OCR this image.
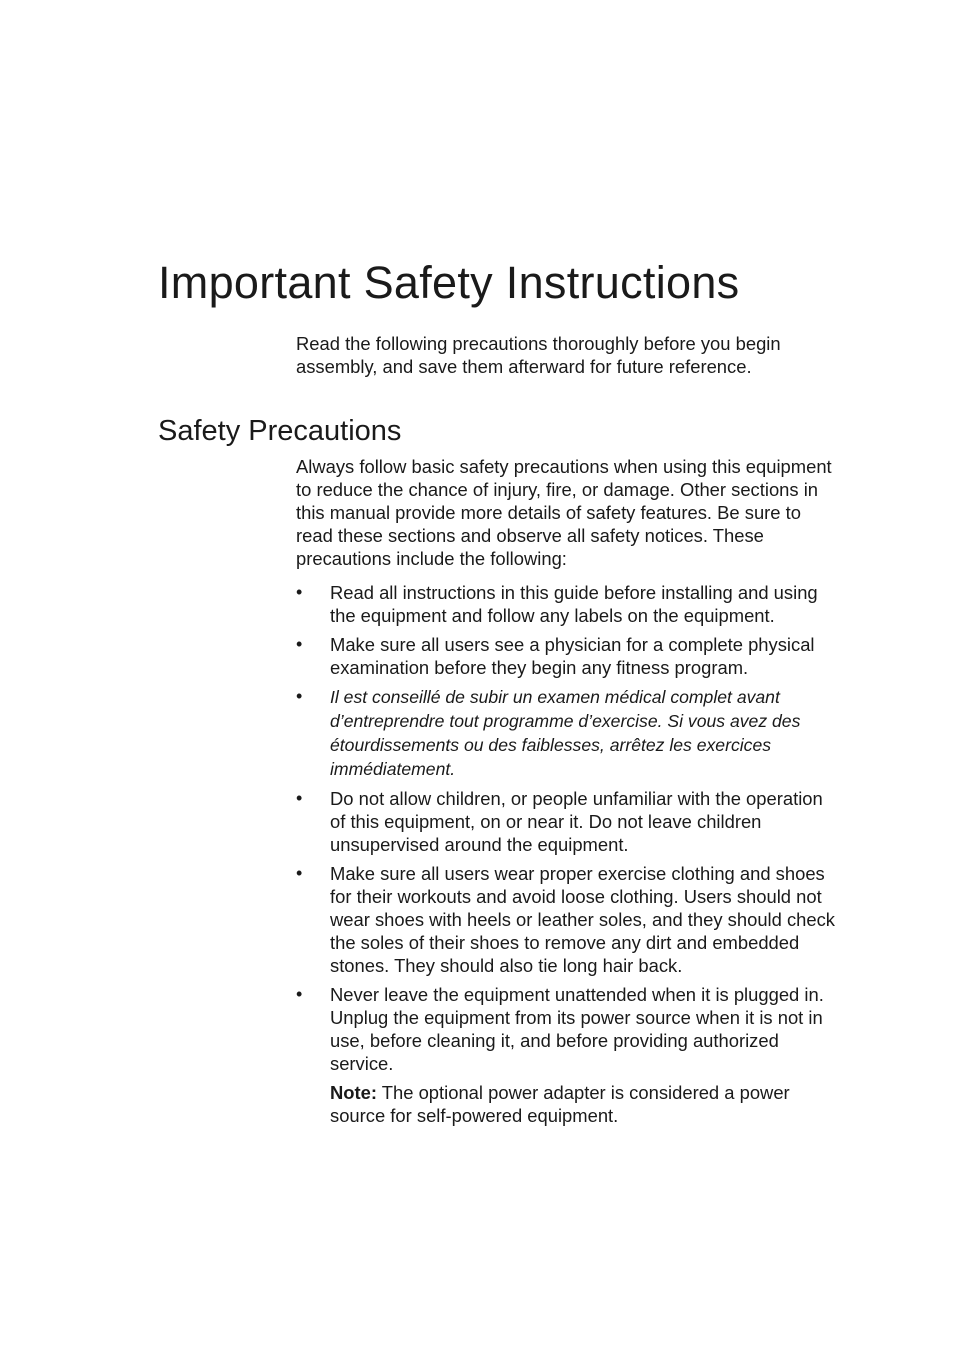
Important Safety Instructions

Read the following precautions thoroughly before you begin assembly, and save them afterward for future reference.

Safety Precautions

Always follow basic safety precautions when using this equipment to reduce the chance of injury, fire, or damage. Other sections in this manual provide more details of safety features. Be sure to read these sections and observe all safety notices. These precautions include the following:

• Read all instructions in this guide before installing and using the equipment and follow any labels on the equipment.
• Make sure all users see a physician for a complete physical examination before they begin any fitness program.
• Il est conseillé de subir un examen médical complet avant d’entreprendre tout programme d’exercise. Si vous avez des étourdissements ou des faiblesses, arrêtez les exercices immédiatement.
• Do not allow children, or people unfamiliar with the operation of this equipment, on or near it. Do not leave children unsupervised around the equipment.
• Make sure all users wear proper exercise clothing and shoes for their workouts and avoid loose clothing. Users should not wear shoes with heels or leather soles, and they should check the soles of their shoes to remove any dirt and embedded stones. They should also tie long hair back.
• Never leave the equipment unattended when it is plugged in. Unplug the equipment from its power source when it is not in use, before cleaning it, and before providing authorized service.

Note: The optional power adapter is considered a power source for self-powered equipment.
